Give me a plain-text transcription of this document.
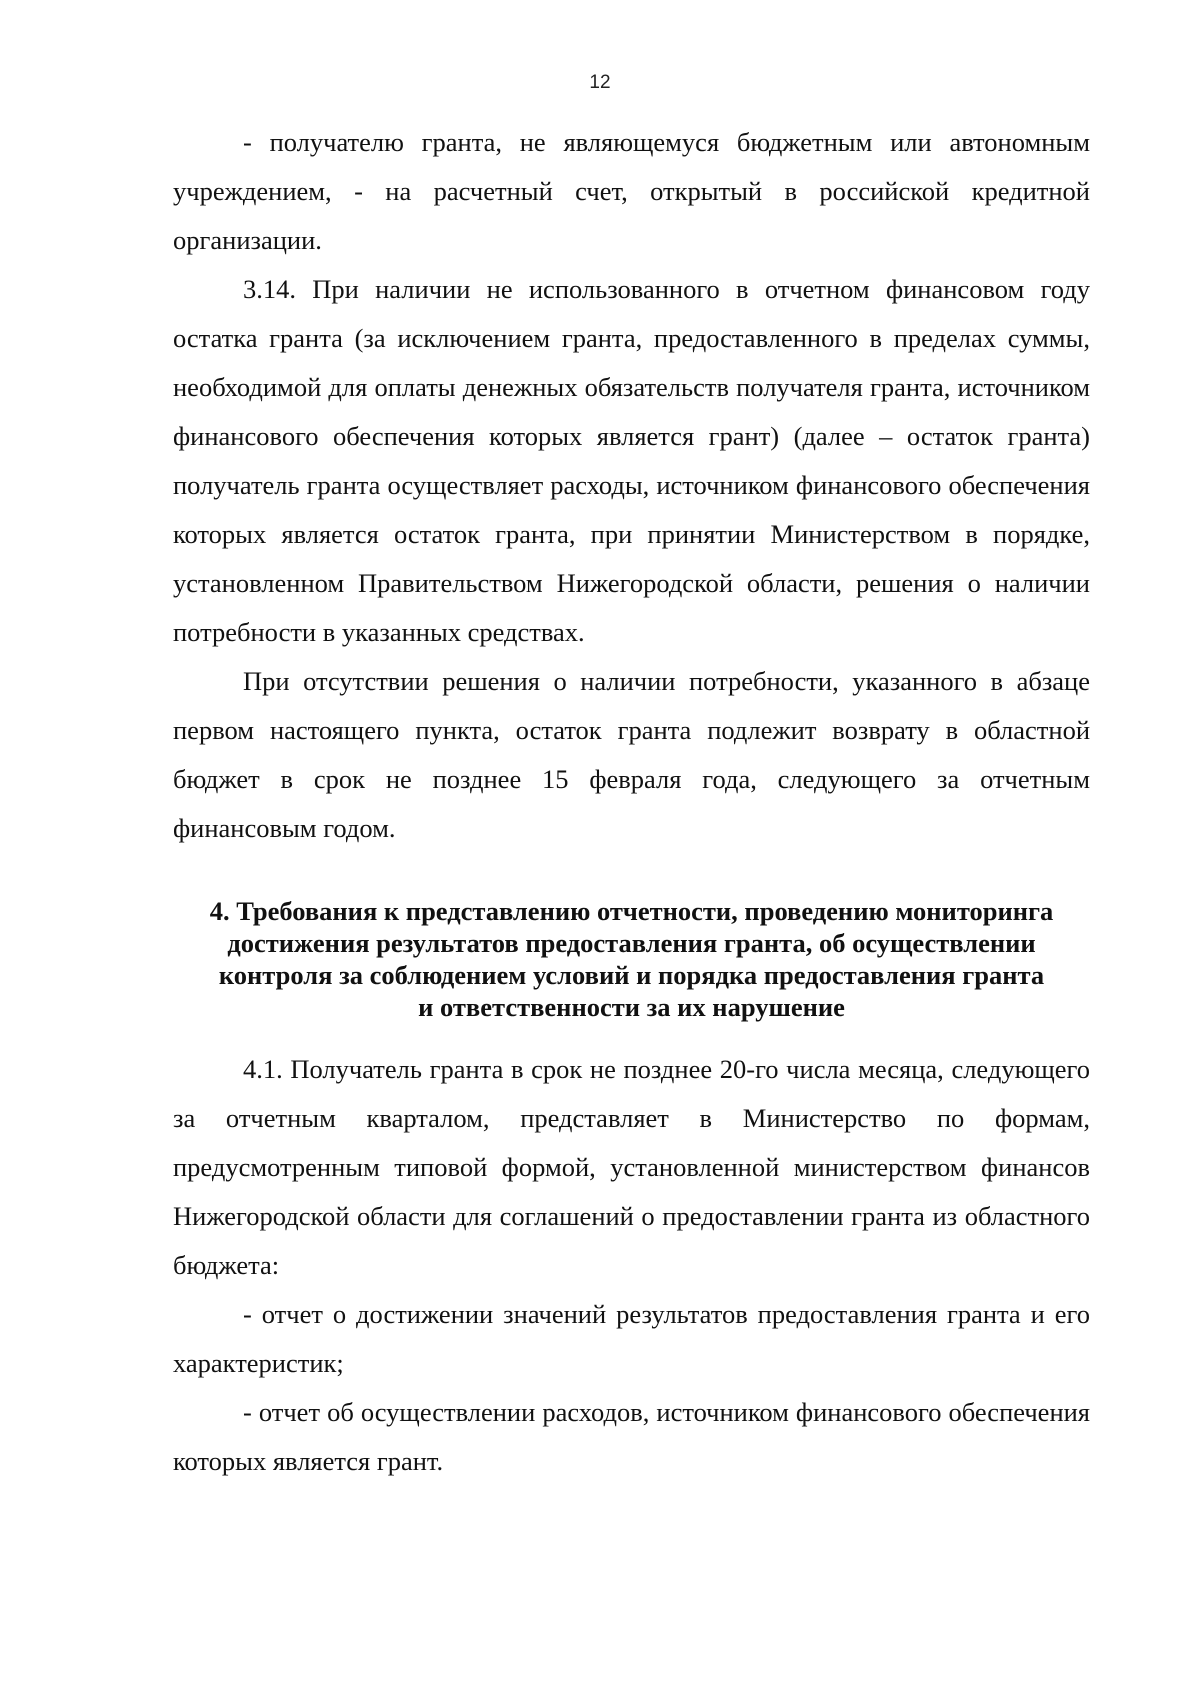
12

- получателю гранта, не являющемуся бюджетным или автономным учреждением, - на расчетный счет, открытый в российской кредитной организации.

3.14. При наличии не использованного в отчетном финансовом году остатка гранта (за исключением гранта, предоставленного в пределах суммы, необходимой для оплаты денежных обязательств получателя гранта, источником финансового обеспечения которых является грант) (далее – остаток гранта) получатель гранта осуществляет расходы, источником финансового обеспечения которых является остаток гранта, при принятии Министерством в порядке, установленном Правительством Нижегородской области, решения о наличии потребности в указанных средствах.

При отсутствии решения о наличии потребности, указанного в абзаце первом настоящего пункта, остаток гранта подлежит возврату в областной бюджет в срок не позднее 15 февраля года, следующего за отчетным финансовым годом.

4. Требования к представлению отчетности, проведению мониторинга

достижения результатов предоставления гранта, об осуществлении

контроля за соблюдением условий и порядка предоставления гранта

и ответственности за их нарушение

4.1. Получатель гранта в срок не позднее 20-го числа месяца, следующего за отчетным кварталом, представляет в Министерство по формам, предусмотренным типовой формой, установленной министерством финансов Нижегородской области для соглашений о предоставлении гранта из областного бюджета:

- отчет о достижении значений результатов предоставления гранта и его характеристик;

- отчет об осуществлении расходов, источником финансового обеспечения которых является грант.
